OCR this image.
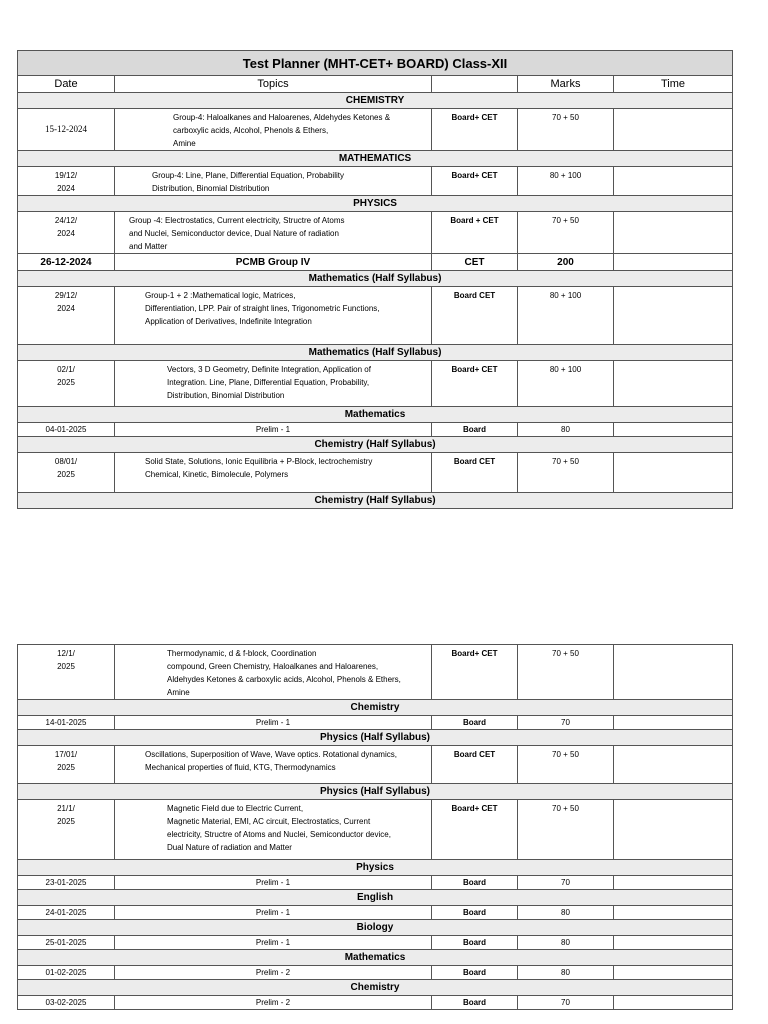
Test Planner (MHT-CET+ BOARD) Class-XII				
Date	Topics		Marks	Time
CHEMISTRY				
15-12-2024	Group-4: Haloalkanes and Haloarenes, Aldehydes Ketones &
carboxylic acids, Alcohol, Phenols & Ethers,
Amine	Board+ CET	70 + 50	
MATHEMATICS				

19/12/
2024	Group-4: Line, Plane, Differential Equation, Probability
Distribution, Binomial Distribution	Board+ CET	80 + 100	
PHYSICS				

24/12/
2024	Group -4: Electrostatics, Current electricity, Structre of Atoms
and Nuclei, Semiconductor device, Dual Nature of radiation
and Matter	Board + CET	70 + 50	
26-12-2024	PCMB Group IV	CET	200	
Mathematics (Half Syllabus)				

29/12/
2024	Group-1 + 2 :Mathematical logic, Matrices,
Differentiation, LPP. Pair of straight lines, Trigonometric Functions,
Application of Derivatives, Indefinite Integration	Board CET	80 + 100	
Mathematics (Half Syllabus)				

02/1/
2025	Vectors, 3 D Geometry, Definite Integration, Application of
Integration. Line, Plane, Differential Equation, Probability,
Distribution, Binomial Distribution	Board+ CET	80 + 100	
Mathematics				
04-01-2025	Prelim - 1	Board	80	
Chemistry (Half Syllabus)				

08/01/
2025	Solid State, Solutions, Ionic Equilibria + P-Block, lectrochemistry
Chemical, Kinetic, Bimolecule, Polymers	Board CET	70 + 50	
Chemistry (Half Syllabus)				
12/1/
2025	Thermodynamic, d & f-block, Coordination
compound, Green Chemistry, Haloalkanes and Haloarenes,
Aldehydes Ketones & carboxylic acids, Alcohol, Phenols & Ethers,
Amine	Board+ CET	70 + 50	
Chemistry				
14-01-2025	Prelim - 1	Board	70	
Physics (Half Syllabus)				

17/01/
2025	Oscillations, Superposition of Wave, Wave optics. Rotational dynamics,
Mechanical properties of fluid, KTG, Thermodynamics	Board CET	70 + 50	
Physics (Half Syllabus)				

21/1/
2025	Magnetic Field due to Electric Current,
Magnetic Material, EMI, AC circuit, Electrostatics, Current
electricity, Structre of Atoms and Nuclei, Semiconductor device,
Dual Nature of radiation and Matter	Board+ CET	70 + 50	
Physics				
23-01-2025	Prelim - 1	Board	70	
English				
24-01-2025	Prelim - 1	Board	80	
Biology				
25-01-2025	Prelim - 1	Board	80	
Mathematics				
01-02-2025	Prelim - 2	Board	80	
Chemistry				
03-02-2025	Prelim - 2	Board	70	
